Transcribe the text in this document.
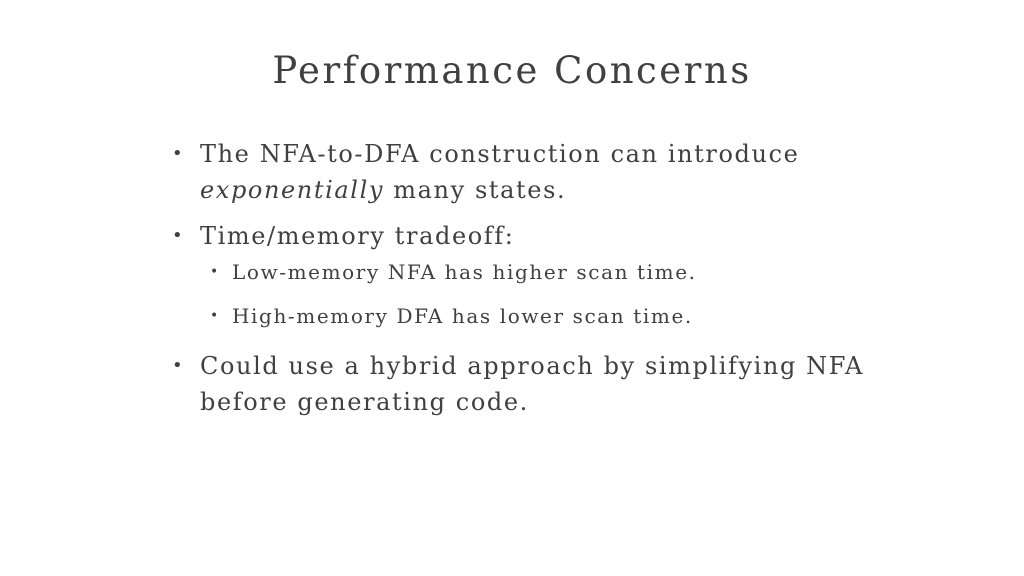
Performance Concerns

• The NFA-to-DFA construction can introduce exponentially many states.

• Time/memory tradeoff:

• Low-memory NFA has higher scan time.

• High-memory DFA has lower scan time.

• Could use a hybrid approach by simplifying NFA before generating code.
